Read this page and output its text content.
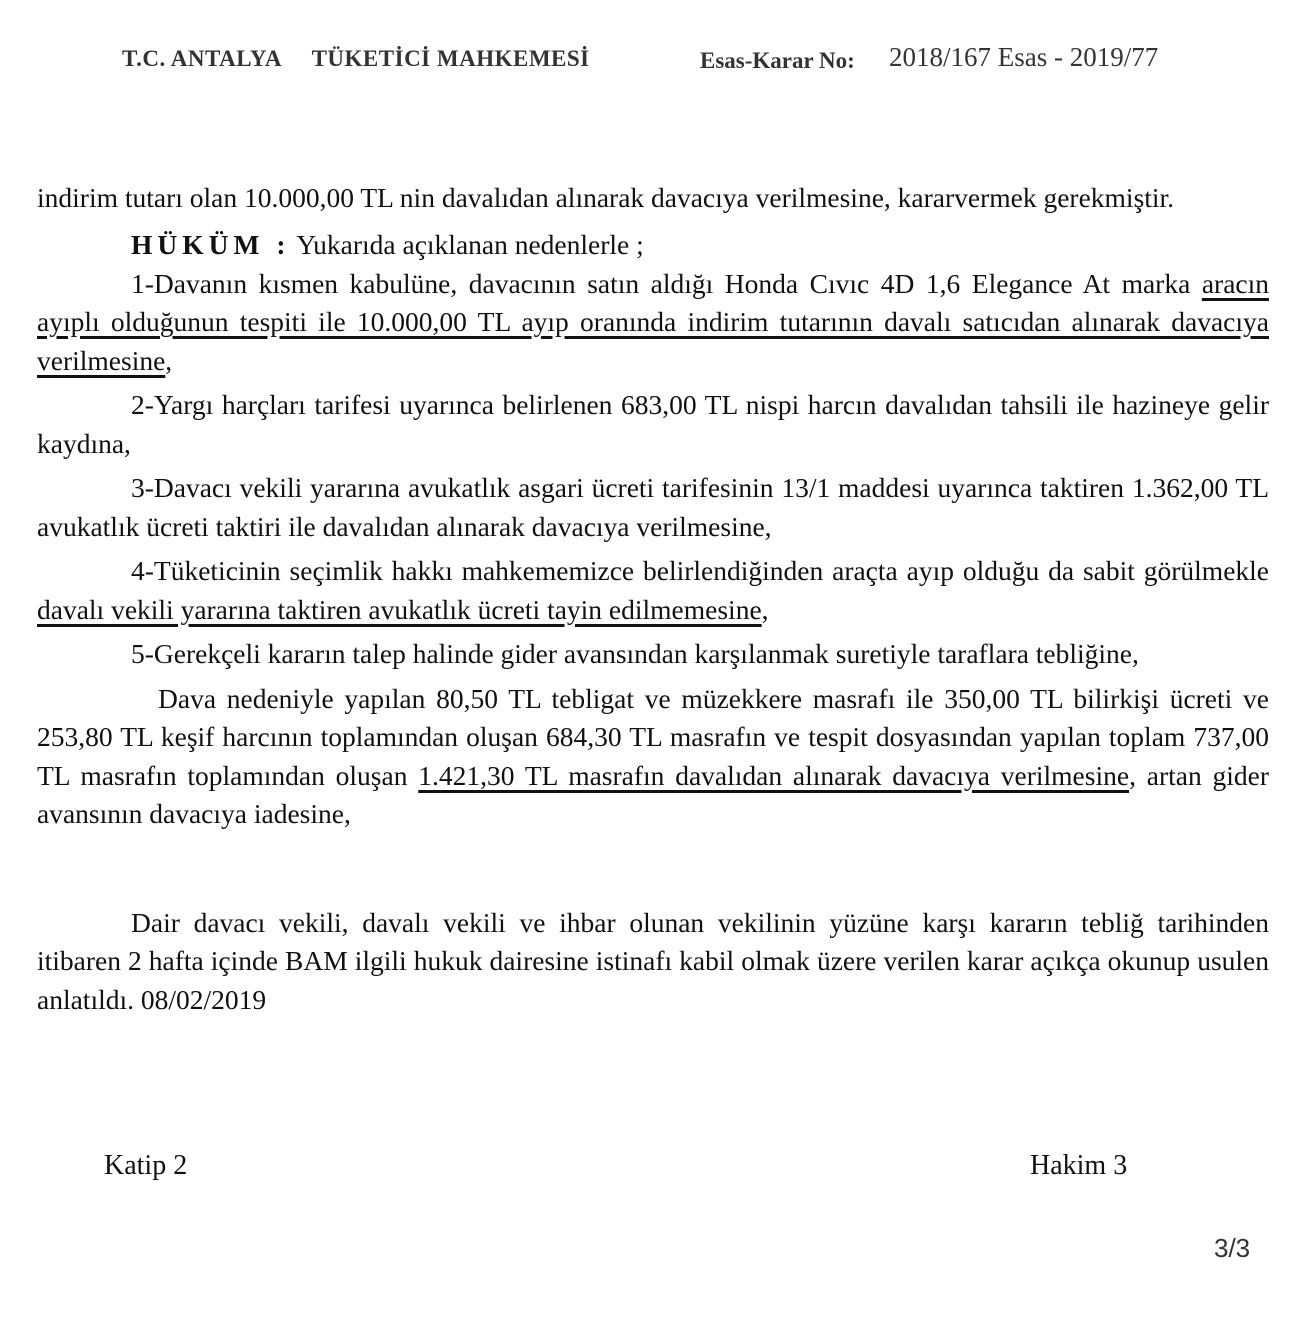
T.C. ANTALYA     TÜKETİCİ MAHKEMESİ	Esas-Karar No: 2018/167 Esas - 2019/77

indirim tutarı olan 10.000,00 TL nin davalıdan alınarak davacıya verilmesine, kararvermek gerekmiştir.

HÜKÜM : Yukarıda açıklanan nedenlerle ;

1-Davanın kısmen kabulüne, davacının satın aldığı Honda Cıvıc 4D 1,6 Elegance At marka aracın ayıplı olduğunun tespiti ile 10.000,00 TL ayıp oranında indirim tutarının davalı satıcıdan alınarak davacıya verilmesine,

2-Yargı harçları tarifesi uyarınca belirlenen 683,00 TL nispi harcın davalıdan tahsili ile hazineye gelir kaydına,

3-Davacı vekili yararına avukatlık asgari ücreti tarifesinin 13/1 maddesi uyarınca taktiren 1.362,00 TL avukatlık ücreti taktiri ile davalıdan alınarak davacıya verilmesine,

4-Tüketicinin seçimlik hakkı mahkememizce belirlendiğinden araçta ayıp olduğu da sabit görülmekle davalı vekili yararına taktiren avukatlık ücreti tayin edilmemesine,

5-Gerekçeli kararın talep halinde gider avansından karşılanmak suretiyle taraflara tebliğine,

Dava nedeniyle yapılan 80,50 TL tebligat ve müzekkere masrafı ile 350,00 TL bilirkişi ücreti ve 253,80 TL keşif harcının toplamından oluşan 684,30 TL masrafın ve tespit dosyasından yapılan toplam 737,00 TL masrafın toplamından oluşan 1.421,30 TL masrafın davalıdan alınarak davacıya verilmesine, artan gider avansının davacıya iadesine,

Dair davacı vekili, davalı vekili ve ihbar olunan vekilinin yüzüne karşı kararın tebliğ tarihinden itibaren 2 hafta içinde BAM ilgili hukuk dairesine istinafı kabil olmak üzere verilen karar açıkça okunup usulen anlatıldı. 08/02/2019

Katip 2	Hakim 3
3/3
